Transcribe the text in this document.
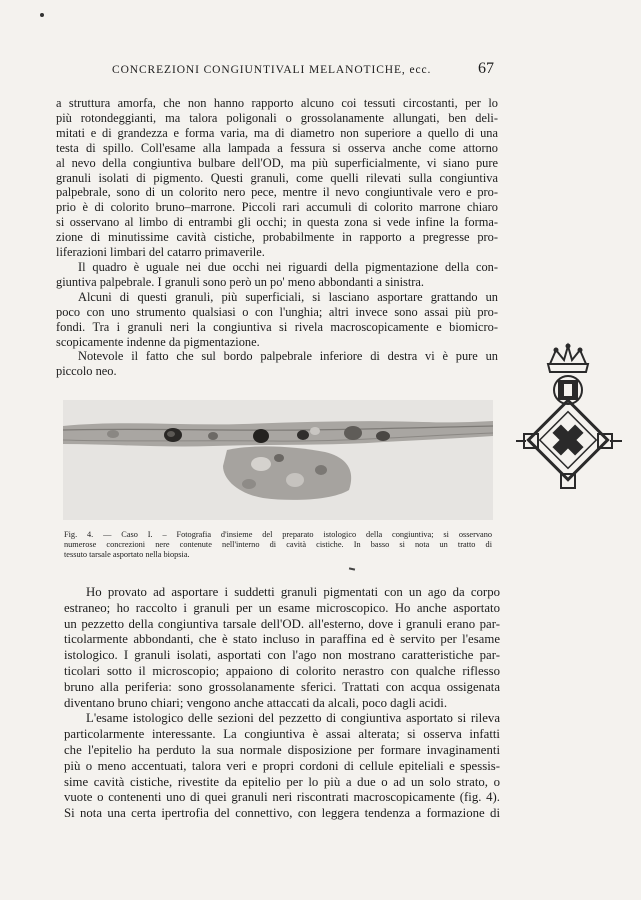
CONCREZIONI CONGIUNTIVALI MELANOTICHE, ecc.	67
a struttura amorfa, che non hanno rapporto alcuno coi tessuti circostanti, per lo
più rotondeggianti, ma talora poligonali o grossolanamente allungati, ben deli-
mitati e di grandezza e forma varia, ma di diametro non superiore a quello di una
testa di spillo. Coll'esame alla lampada a fessura si osserva anche come attorno
al nevo della congiuntiva bulbare dell'OD, ma più superficialmente, vi siano pure
granuli isolati di pigmento. Questi granuli, come quelli rilevati sulla congiuntiva
palpebrale, sono di un colorito nero pece, mentre il nevo congiuntivale vero e pro-
prio è di colorito bruno–marrone. Piccoli rari accumuli di colorito marrone chiaro
si osservano al limbo di entrambi gli occhi; in questa zona si vede infine la forma-
zione di minutissime cavità cistiche, probabilmente in rapporto a pregresse pro-
liferazioni limbari del catarro primaverile.
Il quadro è uguale nei due occhi nei riguardi della pigmentazione della con-
giuntiva palpebrale. I granuli sono però un po' meno abbondanti a sinistra.
Alcuni di questi granuli, più superficiali, si lasciano asportare grattando un
poco con uno strumento qualsiasi o con l'unghia; altri invece sono assai più pro-
fondi. Tra i granuli neri la congiuntiva si rivela macroscopicamente e biomicro-
scopicamente indenne da pigmentazione.
Notevole il fatto che sul bordo palpebrale inferiore di destra vi è pure un
piccolo neo.
Fig. 4. — Caso I. – Fotografia d'insieme del preparato istologico della congiuntiva; si osservano
numerose concrezioni nere contenute nell'interno di cavità cistiche. In basso si nota un tratto di
tessuto tarsale asportato nella biopsia.
Ho provato ad asportare i suddetti granuli pigmentati con un ago da corpo
estraneo; ho raccolto i granuli per un esame microscopico. Ho anche asportato
un pezzetto della congiuntiva tarsale dell'OD. all'esterno, dove i granuli erano par-
ticolarmente abbondanti, che è stato incluso in paraffina ed è servito per l'esame
istologico. I granuli isolati, asportati con l'ago non mostrano caratteristiche par-
ticolari sotto il microscopio; appaiono di colorito nerastro con qualche riflesso
bruno alla periferia: sono grossolanamente sferici. Trattati con acqua ossigenata
diventano bruno chiari; vengono anche attaccati da alcali, poco dagli acidi.
L'esame istologico delle sezioni del pezzetto di congiuntiva asportato si rileva
particolarmente interessante. La congiuntiva è assai alterata; si osserva infatti
che l'epitelio ha perduto la sua normale disposizione per formare invaginamenti
più o meno accentuati, talora veri e propri cordoni di cellule epiteliali e spessis-
sime cavità cistiche, rivestite da epitelio per lo più a due o ad un solo strato, o
vuote o contenenti uno di quei granuli neri riscontrati macroscopicamente (fig. 4).
Si nota una certa ipertrofia del connettivo, con leggera tendenza a formazione di
